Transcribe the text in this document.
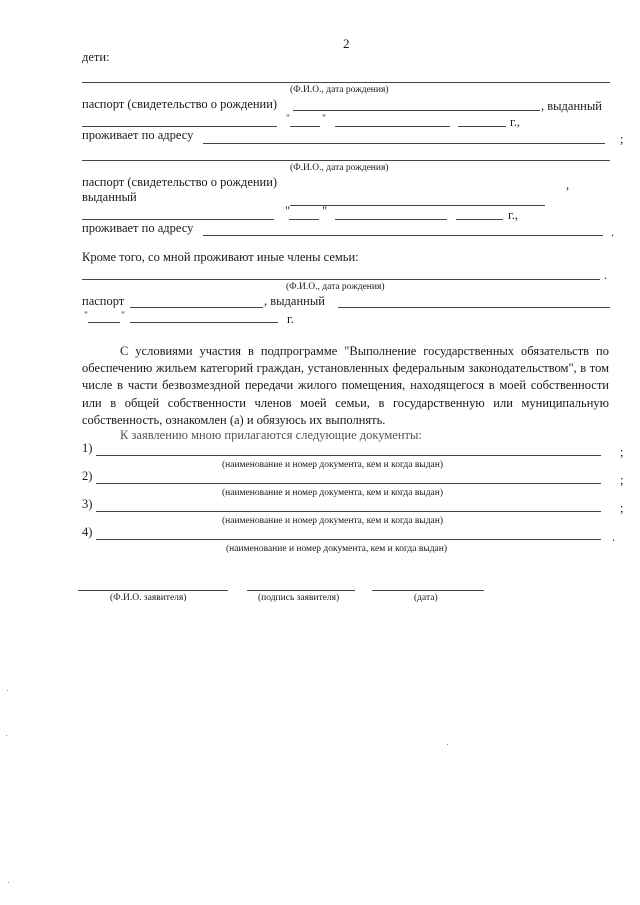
2
дети:
(Ф.И.О., дата рождения)
паспорт (свидетельство о рождении)	, выданный
"	"	г.,
проживает по адресу	;
(Ф.И.О., дата рождения)
паспорт (свидетельство о рождении)	,
выданный
"	"	г.,
проживает по адресу	.
Кроме того, со мной проживают иные члены семьи:
.
(Ф.И.О., дата рождения)
паспорт	, выданный
"	"	г.
С условиями участия в подпрограмме "Выполнение государственных обязательств по обеспечению жильем категорий граждан, установленных федеральным законодательством", в том числе в части безвозмездной передачи жилого помещения, находящегося в моей собственности или в общей собственности членов моей семьи, в государственную или муниципальную собственность, ознакомлен (а) и обязуюсь их выполнять.
К заявлению мною прилагаются следующие документы:
1)	;
(наименование и номер документа, кем и когда выдан)
2)	;
(наименование и номер документа, кем и когда выдан)
3)	;
(наименование и номер документа, кем и когда выдан)
4)	.
(наименование и номер документа, кем и когда выдан)
(Ф.И.О. заявителя)	(подпись заявителя)	(дата)
